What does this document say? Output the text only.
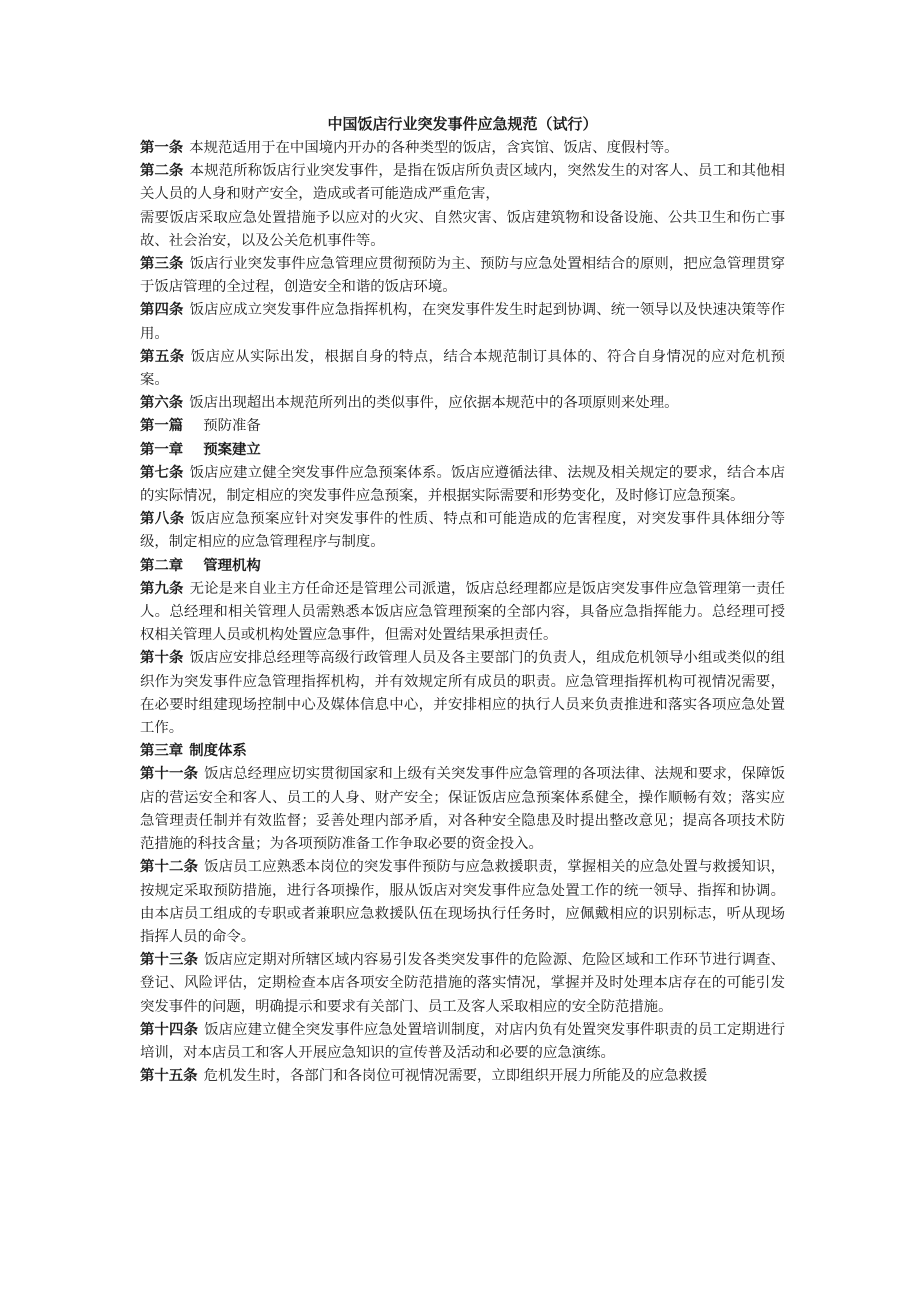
中国饭店行业突发事件应急规范（试行）

第一条 本规范适用于在中国境内开办的各种类型的饭店，含宾馆、饭店、度假村等。

第二条 本规范所称饭店行业突发事件，是指在饭店所负责区域内，突然发生的对客人、员工和其他相关人员的人身和财产安全，造成或者可能造成严重危害，

需要饭店采取应急处置措施予以应对的火灾、自然灾害、饭店建筑物和设备设施、公共卫生和伤亡事故、社会治安，以及公关危机事件等。

第三条 饭店行业突发事件应急管理应贯彻预防为主、预防与应急处置相结合的原则，把应急管理贯穿于饭店管理的全过程，创造安全和谐的饭店环境。

第四条 饭店应成立突发事件应急指挥机构，在突发事件发生时起到协调、统一领导以及快速决策等作用。

第五条 饭店应从实际出发，根据自身的特点，结合本规范制订具体的、符合自身情况的应对危机预案。

第六条 饭店出现超出本规范所列出的类似事件，应依据本规范中的各项原则来处理。

第一篇 预防准备

第一章 预案建立

第七条 饭店应建立健全突发事件应急预案体系。饭店应遵循法律、法规及相关规定的要求，结合本店的实际情况，制定相应的突发事件应急预案，并根据实际需要和形势变化，及时修订应急预案。

第八条 饭店应急预案应针对突发事件的性质、特点和可能造成的危害程度，对突发事件具体细分等级，制定相应的应急管理程序与制度。

第二章 管理机构

第九条 无论是来自业主方任命还是管理公司派遣，饭店总经理都应是饭店突发事件应急管理第一责任人。总经理和相关管理人员需熟悉本饭店应急管理预案的全部内容，具备应急指挥能力。总经理可授权相关管理人员或机构处置应急事件，但需对处置结果承担责任。

第十条 饭店应安排总经理等高级行政管理人员及各主要部门的负责人，组成危机领导小组或类似的组织作为突发事件应急管理指挥机构，并有效规定所有成员的职责。应急管理指挥机构可视情况需要，在必要时组建现场控制中心及媒体信息中心，并安排相应的执行人员来负责推进和落实各项应急处置工作。

第三章 制度体系

第十一条 饭店总经理应切实贯彻国家和上级有关突发事件应急管理的各项法律、法规和要求，保障饭店的营运安全和客人、员工的人身、财产安全；保证饭店应急预案体系健全，操作顺畅有效；落实应急管理责任制并有效监督；妥善处理内部矛盾，对各种安全隐患及时提出整改意见；提高各项技术防范措施的科技含量；为各项预防准备工作争取必要的资金投入。

第十二条 饭店员工应熟悉本岗位的突发事件预防与应急救援职责，掌握相关的应急处置与救援知识，按规定采取预防措施，进行各项操作，服从饭店对突发事件应急处置工作的统一领导、指挥和协调。由本店员工组成的专职或者兼职应急救援队伍在现场执行任务时，应佩戴相应的识别标志，听从现场指挥人员的命令。

第十三条 饭店应定期对所辖区域内容易引发各类突发事件的危险源、危险区域和工作环节进行调查、登记、风险评估，定期检查本店各项安全防范措施的落实情况，掌握并及时处理本店存在的可能引发突发事件的问题，明确提示和要求有关部门、员工及客人采取相应的安全防范措施。

第十四条 饭店应建立健全突发事件应急处置培训制度，对店内负有处置突发事件职责的员工定期进行培训，对本店员工和客人开展应急知识的宣传普及活动和必要的应急演练。

第十五条 危机发生时，各部门和各岗位可视情况需要，立即组织开展力所能及的应急救援
